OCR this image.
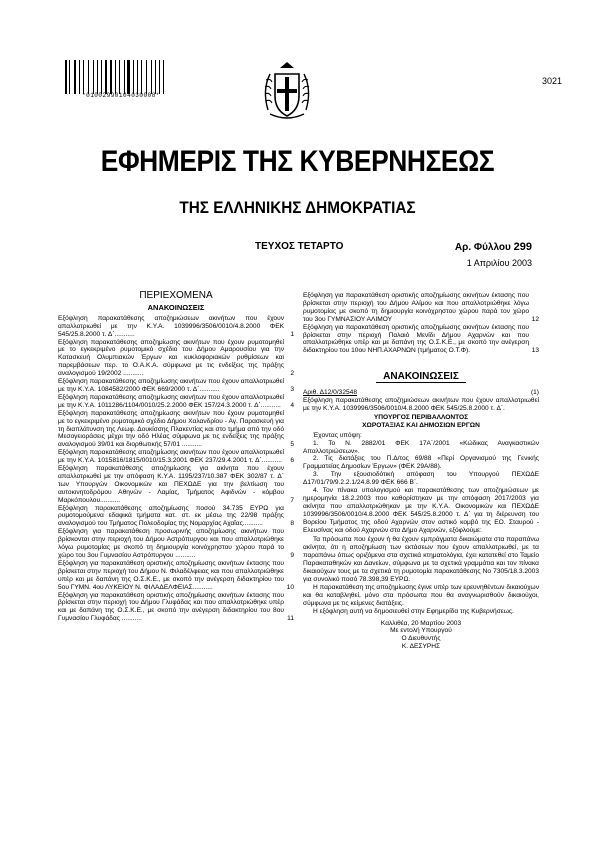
*01002990104030008*
3021
ΕΦΗΜΕΡΙΣ ΤΗΣ ΚΥΒΕΡΝΗΣΕΩΣ
ΤΗΣ ΕΛΛΗΝΙΚΗΣ ΔΗΜΟΚΡΑΤΙΑΣ
ΤΕΥΧΟΣ ΤΕΤΑΡΤΟ	Αρ. Φύλλου 299
1 Απριλίου 2003
ΠΕΡΙΕΧΟΜΕΝΑ
ΑΝΑΚΟΙΝΩΣΕΙΣ
Εξόφληση παρακατάθεσης αποζημιώσεων ακινήτων που έχουν απαλλοτριωθεί με την Κ.Υ.Α. 1039996/3506/0010/4.8.2000 ΦΕΚ 545/25.8.2000 τ. Δ΄...........	1
Εξόφληση παρακατάθεσης αποζημίωσης ακινήτων που έχουν ρυμοτομηθεί με το εγκεκριμένο ρυμοτομικό σχέδιο του Δήμου Αμαρουσίου για την Κατασκευή Ολυμπιακών Έργων και κυκλοφοριακών ρυθμίσεων και παρεμβάσεων περ. το Ο.Α.Κ.Α. σύμφωνα με τις ενδείξεις της πράξης αναλογισμού 19/2002 ...........	2
Εξόφληση παρακατάθεσης αποζημίωσης ακινήτων που έχουν απαλλοτριωθεί με την Κ.Υ.Α. 1084582/2000 ΦΕΚ 669/2000 τ. Δ΄...........	3
Εξόφληση παρακατάθεσης αποζημίωσης ακινήτων που έχουν απαλλοτριωθεί με την Κ.Υ.Α. 1011286/1104/0010/25.2.2000 ΦΕΚ 157/24.3.2000 τ. Δ΄........... 4
Εξόφληση παρακατάθεσης αποζημίωσης ακινήτων που έχουν ρυμοτομηθεί με το εγκεκριμένο ρυμοτομικό σχέδιο Δήμου Χαλανδρίου - Αγ. Παρασκευή για τη διαπλάτυνση της Λεωφ. Δουκίσσης Πλακεντίας και στο τμήμα από την οδό Μεσογειοράσεις μέχρι την οδό Ηλέας σύμφωνα με τις ενδείξεις της πράξης αναλογισμού 39/01 και διορθωτικής 57/01 ...........	5
Εξόφληση παρακατάθεσης αποζημίωσης ακινήτων που έχουν απαλλοτριωθεί με την Κ.Υ.Α. 1015816/1815/0010/15.3.2001 ΦΕΚ 237/29.4.2001 τ. Δ΄........... 6
Εξόφληση παρακατάθεσης αποζημίωσης για ακίνητα που έχουν απαλλοτριωθεί με την απόφαση Κ.Υ.Α. 1195/237/10.387 ΦΕΚ 302/87 τ. Δ΄ των Υπουργών Οικονομικών και ΠΕΧΩΔΕ για την βελτίωση του αυτοκινητοδρόμου Αθηνών - Λαμίας, Τμήματος Αφιδνών - κόμβου Μαρκόπουλου...........	7
Εξόφληση παρακατάθεσης αποζημίωσης ποσού 34.735 ΕΥΡΩ για ρυμοτομούμενα εδαφικά τμήματα κατ. στ. εκ μέσω της 22/98 πράξης αναλογισμού του Τμήματος Πολεοδομίας της Νομαρχίας Αχαΐας...........	8
Εξόφληση για παρακατάθεση προσωρινής αποζημίωσης ακινήτων που βρίσκονται στην περιοχή του Δήμου Αστρόπυργου και που απαλλοτριώθηκε λόγω ρυμοτομίας με σκοπό τη δημιουργία κοινόχρηστου χώρου παρά το χώρο του 3ου Γυμνασίου Αστρόπυργου ...........	9
Εξόφληση για παρακατάθεση οριστικής αποζημίωσης ακινήτων έκτασης που βρίσκεται στην περιοχή του Δήμου Ν. Φιλαδέλφειας και που απαλλοτριώθηκε υπέρ και με δαπάνη της Ο.Σ.Κ.Ε., με σκοπό την ανέγερση διδακτηρίου του 5ου ΓΥΜΝ. 4ου ΛΥΚΕΙΟΥ Ν. ΦΙΛΑΔΕΛΦΕΙΑΣ...........	10
Εξόφληση για παρακατάθεση οριστικής αποζημίωσης ακινήτων έκτασης που βρίσκεται στην περιοχή του Δήμου Γλυφάδας και που απαλλοτριώθηκε υπέρ και με δαπάνη της Ο.Σ.Κ.Ε., με σκοπό την ανέγερση διδακτηρίου του 8ου Γυμνασίου Γλυφάδας ...........	11
Εξόφληση για παρακατάθεση οριστικής αποζημίωσης ακινήτων έκτασης που βρίσκεται στην περιοχή του Δήμου Αλίμου και που απαλλοτριώθηκε λόγω ρυμοτομίας με σκοπό τη δημιουργία κοινόχρηστου χώρου παρά τον χώρο του 3ου ΓΥΜΝΑΣΙΟΥ ΑΛΙΜΟΥ	12
Εξόφληση για παρακατάθεση οριστικής αποζημίωσης ακινήτων έκτασης που βρίσκεται στην περιοχή Παλαιό Μενίδι Δήμου Αχαρνών και που απαλλοτριώθηκε υπέρ και με δαπάνη της Ο.Σ.Κ.Ε., με σκοπό την ανέγερση διδακτηρίου του 10ου ΝΗΠ.ΑΧΑΡΝΩΝ (τμήματος Ο.Τ.Φ).	13
ΑΝΑΚΟΙΝΩΣΕΙΣ
Αριθ. Δ12/0/32548	(1)
Εξόφληση παρακατάθεσης αποζημιώσεων ακινήτων που έχουν απαλλοτριωθεί με την Κ.Υ.Α. 1039996/3506/0010/4.8.2000 ΦΕΚ 545/25.8.2000 τ. Δ΄.
ΥΠΟΥΡΓΟΣ ΠΕΡΙΒΑΛΛΟΝΤΟΣ
ΧΩΡΟΤΑΞΙΑΣ ΚΑΙ ΔΗΜΟΣΙΩΝ ΕΡΓΩΝ
Έχοντας υπόψη:
1. Το Ν. 2882/01 ΦΕΚ 17Α΄/2001 «Κώδικας Αναγκαστικών Απαλλοτριώσεων».
2. Τις διατάξεις του Π.Δ/τος 69/88 «Περί Οργανισμού της Γενικής Γραμματείας Δημοσίων Έργων» (ΦΕΚ 29Α/88).
3. Την εξουσιοδότική απόφαση του Υπουργού ΠΕΧΩΔΕ Δ17/01/79/9.2.2.1/24.8.99 ΦΕΚ 666 Β΄.
4. Τον πίνακα υπολογισμού και παρακατάθεσης των αποζημιώσεων με ημερομηνία 18.2.2003 που καθορίστηκαν με την απόφαση 2017/2003 για ακίνητα που απαλλοτριώθηκαν με την Κ.Υ.Α. Οικονομικών και ΠΕΧΩΔΕ 1039996/3506/0010/4.8.2000 ΦΕΚ 545/25.8.2000 τ. Δ΄ για τη διέρευνση του Βορείου Τμήματος της οδού Αχαρνών στον αστικό κομβό της ΕΟ. Σταυρού - Ελευσίνας και οδού Αχαρνών στο Δήμο Αχαρνών, εξόφλούμε:
Τα πρόσωπα που έχουν ή θα έχουν εμπράγματα δικαιώματα στα παραπάνω ακίνητα, ότι η αποζημίωση των εκτάσεων που έχουν απαλλοτριωθεί, με τα παραπάνω όπως οριζόμενα στα σχετικά κτηματολόγια, έχει κατατεθεί στο Ταμείο Παρακαταθηκών και Δανείων, σύμφωνα με τα σχετικά γραμμάτια και τον πίνακα δικαιούχων τους με τα σχετικά τη ρυμοτομία παρακατάθεσης Νο 7305/18.3.2003 για συνολικό ποσό 78.398,39 ΕΥΡΩ.
Η παρακατάθεση της αποζημίωσης έγινε υπέρ των ερευνηθέντων δικαιούχων και θα καταβληθεί, μόνο στα πρόσωπα που θα αναγνωρισθούν δικαιούχοι, σύμφωνα με τις κείμενες διατάξεις.
Η εξόφληση αυτή να δημοσιευθεί στην Εφημερίδα της Κυβερνήσεως.
Καλλιθέα, 20 Μαρτίου 2003
Με εντολή Υπουργού
Ο Διευθυντής
Κ. ΔΕΣΥΡΗΣ
